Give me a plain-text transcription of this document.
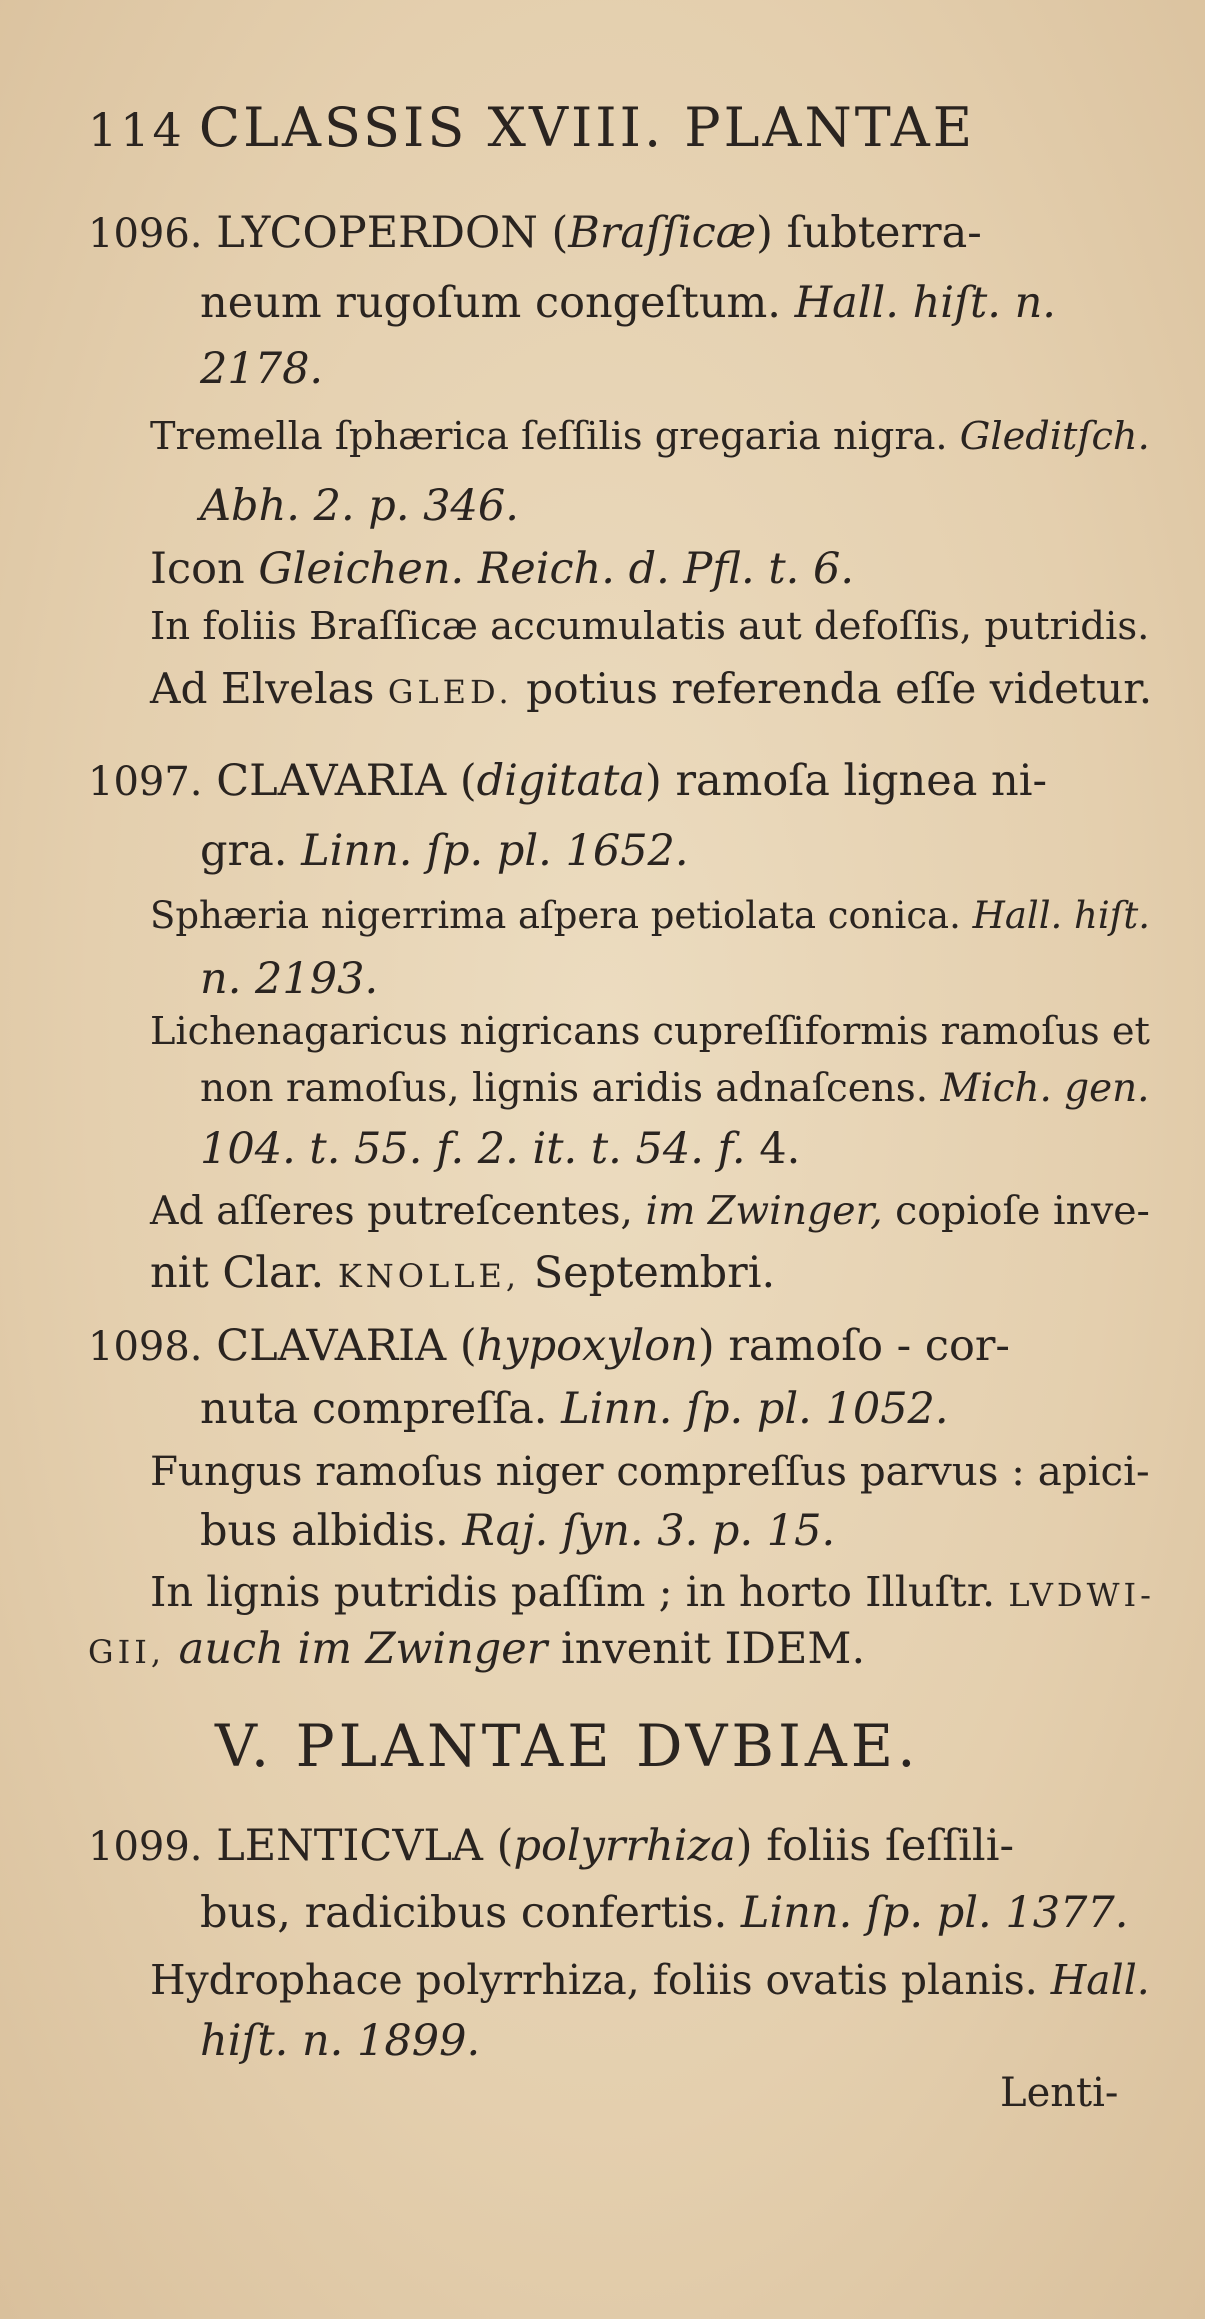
114 CLASSIS XVIII. PLANTAE
1096. LYCOPERDON (Braſſicæ) ſubterra-
neum rugoſum congeſtum. Hall. hiſt. n.
2178.
Tremella ſphærica ſeſſilis gregaria nigra. Gleditſch.
Abh. 2. p. 346.
Icon Gleichen. Reich. d. Pfl. t. 6.
In foliis Braſſicæ accumulatis aut defoſſis, putridis.
Ad Elvelas GLED. potius referenda eſſe videtur.
1097. CLAVARIA (digitata) ramoſa lignea ni-
gra. Linn. ſp. pl. 1652.
Sphæria nigerrima aſpera petiolata conica. Hall. hiſt.
n. 2193.
Lichenagaricus nigricans cupreſſiformis ramoſus et
non ramoſus, lignis aridis adnaſcens. Mich. gen.
104. t. 55. f. 2. it. t. 54. f. 4.
Ad aſſeres putreſcentes, im Zwinger, copioſe inve-
nit Clar. KNOLLE, Septembri.
1098. CLAVARIA (hypoxylon) ramoſo - cor-
nuta compreſſa. Linn. ſp. pl. 1052.
Fungus ramoſus niger compreſſus parvus : apici-
bus albidis. Raj. ſyn. 3. p. 15.
In lignis putridis paſſim ; in horto Illuſtr. LVDWI-
GII, auch im Zwinger invenit IDEM.
V. PLANTAE DVBIAE.
1099. LENTICVLA (polyrrhiza) foliis ſeſſili-
bus, radicibus confertis. Linn. ſp. pl. 1377.
Hydrophace polyrrhiza, foliis ovatis planis. Hall.
hiſt. n. 1899.
Lenti-
